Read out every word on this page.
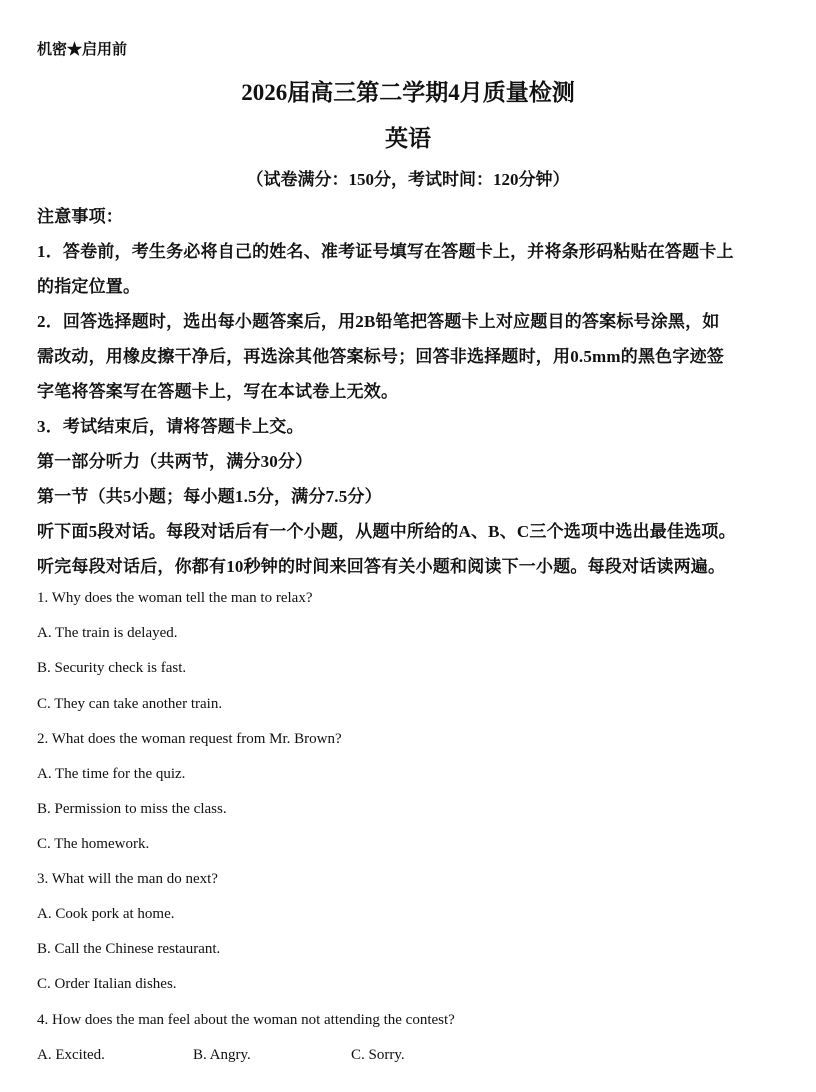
机密★启用前
2026届高三第二学期4月质量检测
英语
（试卷满分：150分，考试时间：120分钟）
注意事项：
1．答卷前，考生务必将自己的姓名、准考证号填写在答题卡上，并将条形码粘贴在答题卡上
的指定位置。
2．回答选择题时，选出每小题答案后，用2B铅笔把答题卡上对应题目的答案标号涂黑，如
需改动，用橡皮擦干净后，再选涂其他答案标号；回答非选择题时，用0.5mm的黑色字迹签
字笔将答案写在答题卡上，写在本试卷上无效。
3．考试结束后，请将答题卡上交。
第一部分听力（共两节，满分30分）
第一节（共5小题；每小题1.5分，满分7.5分）
听下面5段对话。每段对话后有一个小题，从题中所给的A、B、C三个选项中选出最佳选项。
听完每段对话后，你都有10秒钟的时间来回答有关小题和阅读下一小题。每段对话读两遍。
1. Why does the woman tell the man to relax?
A. The train is delayed.
B. Security check is fast.
C. They can take another train.
2. What does the woman request from Mr. Brown?
A. The time for the quiz.
B. Permission to miss the class.
C. The homework.
3. What will the man do next?
A. Cook pork at home.
B. Call the Chinese restaurant.
C. Order Italian dishes.
4. How does the man feel about the woman not attending the contest?
A. Excited.	B. Angry.	C. Sorry.
